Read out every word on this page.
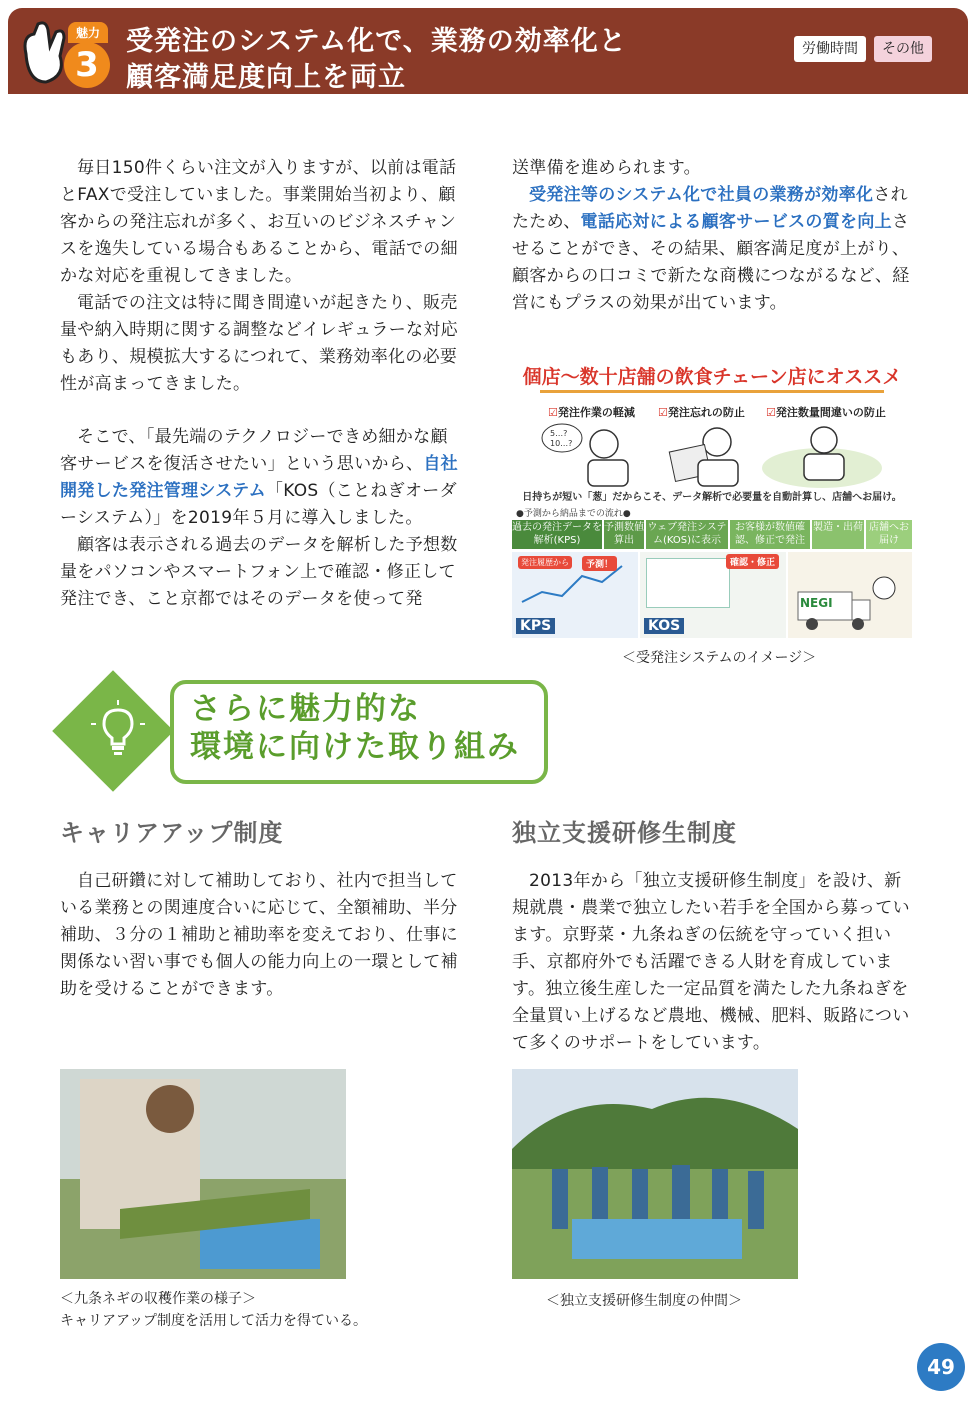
魅力
3
受発注のシステム化で、業務の効率化と
顧客満足度向上を両立
労働時間	その他

毎日150件くらい注文が入りますが、以前は電話とFAXで受注していました。事業開始当初より、顧客からの発注忘れが多く、お互いのビジネスチャンスを逸失している場合もあることから、電話での細かな対応を重視してきました。

電話での注文は特に聞き間違いが起きたり、販売量や納入時期に関する調整などイレギュラーな対応もあり、規模拡大するにつれて、業務効率化の必要性が高まってきました。

そこで、「最先端のテクノロジーできめ細かな顧客サービスを復活させたい」という思いから、自社開発した発注管理システム「KOS（ことねぎオーダーシステム）」を2019年５月に導入しました。

顧客は表示される過去のデータを解析した予想数量をパソコンやスマートフォン上で確認・修正して発注でき、こと京都ではそのデータを使って発

送準備を進められます。

受発注等のシステム化で社員の業務が効率化されたため、電話応対による顧客サービスの質を向上させることができ、その結果、顧客満足度が上がり、顧客からの口コミで新たな商機につながるなど、経営にもプラスの効果が出ています。

個店〜数十店舗の飲食チェーン店にオススメ
☑発注作業の軽減 ☑発注忘れの防止 ☑発注数量間違いの防止
5…?
10…?
日持ちが短い「葱」だからこそ、データ解析で必要量を自動計算し、店舗へお届け。
●予測から納品までの流れ●
過去の発注データを解析(KPS)
予測数値算出
ウェブ発注システム(KOS)に表示
お客様が数値確認、修正で発注
製造・出荷 店舗へお届け
発注履歴から	予測！
KPS
確認・修正
KOS
NEGI
＜受発注システムのイメージ＞
さらに魅力的な
環境に向けた取り組み
キャリアアップ制度

自己研鑽に対して補助しており、社内で担当している業務との関連度合いに応じて、全額補助、半分補助、３分の１補助と補助率を変えており、仕事に関係ない習い事でも個人の能力向上の一環として補助を受けることができます。

＜九条ネギの収穫作業の様子＞
キャリアアップ制度を活用して活力を得ている。
独立支援研修生制度

2013年から「独立支援研修生制度」を設け、新規就農・農業で独立したい若手を全国から募っています。京野菜・九条ねぎの伝統を守っていく担い手、京都府外でも活躍できる人財を育成しています。独立後生産した一定品質を満たした九条ねぎを全量買い上げるなど農地、機械、肥料、販路について多くのサポートをしています。

＜独立支援研修生制度の仲間＞
49
